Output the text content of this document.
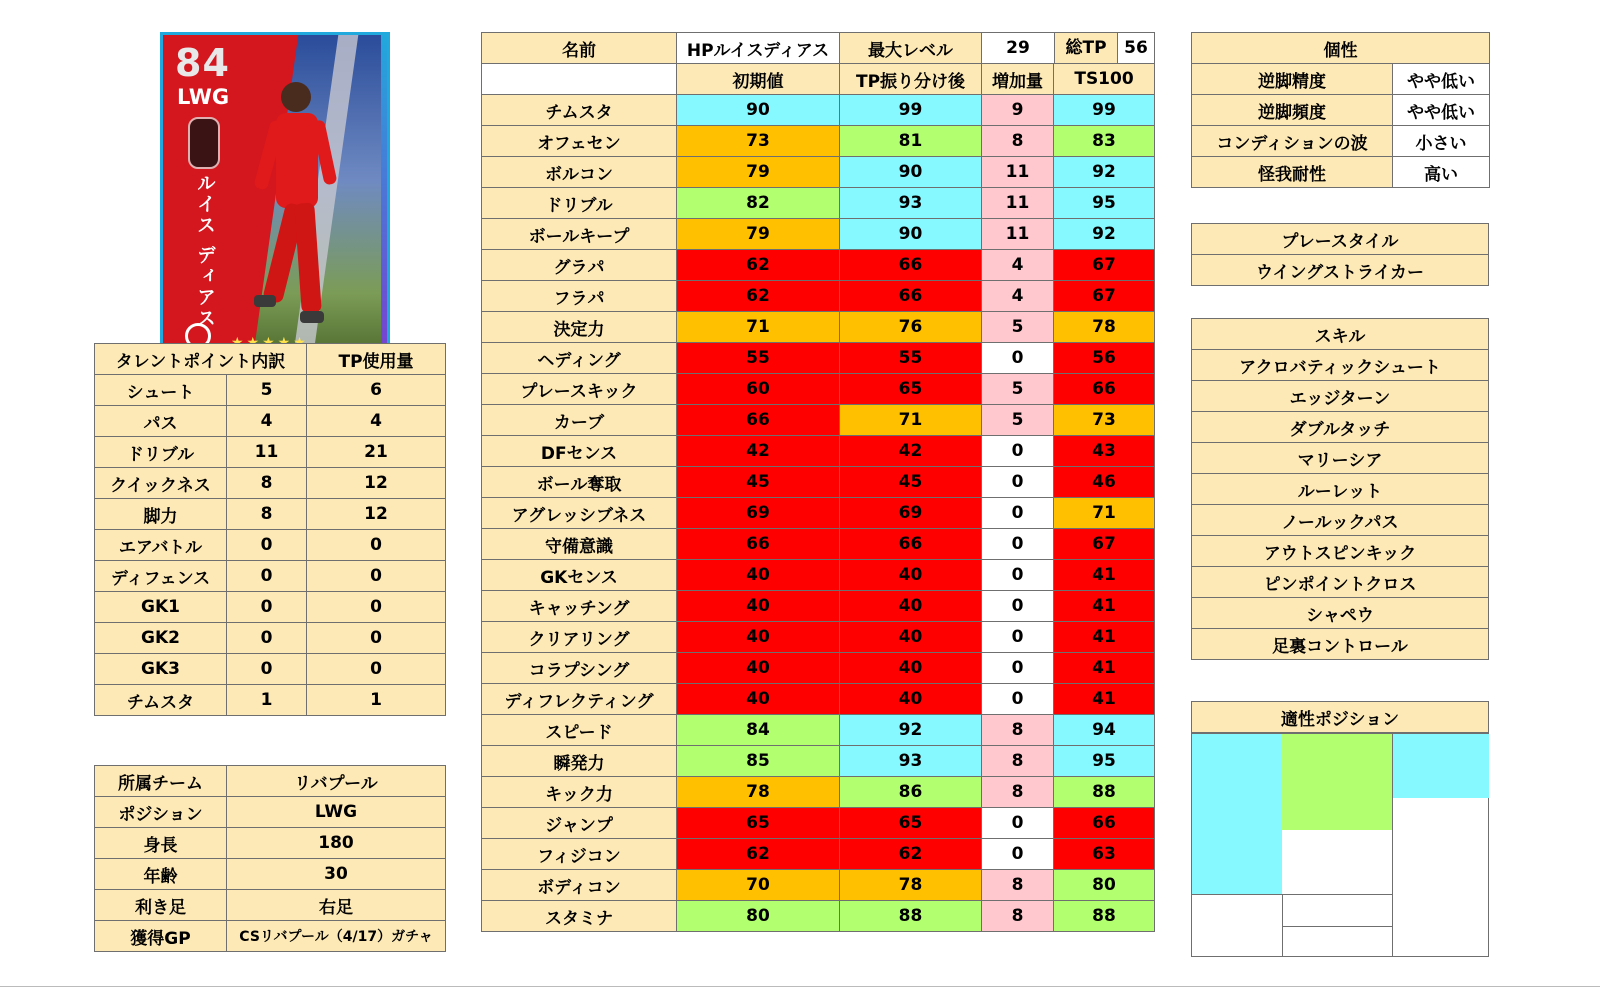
84
LWG
ルイス ディアス
タレントポイント内訳		TP使用量
シュート	5	6
パス	4	4
ドリブル	11	21
クイックネス	8	12
脚力	8	12
エアバトル	0	0
ディフェンス	0	0
GK1	0	0
GK2	0	0
GK3	0	0
チムスタ	1	1
所属チーム	リバプール
ポジション	LWG
身長	180
年齢	30
利き足	右足
獲得GP	CSリバプール（4/17）ガチャ
名前	HPルイスディアス	最大レベル	29 総TP 56	

	初期値	TP振り分け後	増加量	TS100
チムスタ	90	99	9	99
オフェセン	73	81	8	83
ボルコン	79	90	11	92
ドリブル	82	93	11	95
ボールキープ	79	90	11	92
グラパ	62	66	4	67
フラパ	62	66	4	67
決定力	71	76	5	78
ヘディング	55	55	0	56
プレースキック	60	65	5	66
カーブ	66	71	5	73
DFセンス	42	42	0	43
ボール奪取	45	45	0	46
アグレッシブネス	69	69	0	71
守備意識	66	66	0	67
GKセンス	40	40	0	41
キャッチング	40	40	0	41
クリアリング	40	40	0	41
コラプシング	40	40	0	41
ディフレクティング	40	40	0	41
スピード	84	92	8	94
瞬発力	85	93	8	95
キック力	78	86	8	88
ジャンプ	65	65	0	66
フィジコン	62	62	0	63
ボディコン	70	78	8	80
スタミナ	80	88	8	88
個性	
逆脚精度	やや低い
逆脚頻度	やや低い
コンディションの波	小さい
怪我耐性	高い
プレースタイル
ウイングストライカー
スキル
アクロバティックシュート
エッジターン
ダブルタッチ
マリーシア
ルーレット
ノールックパス
アウトスピンキック
ピンポイントクロス
シャペウ
足裏コントロール
適性ポジション
